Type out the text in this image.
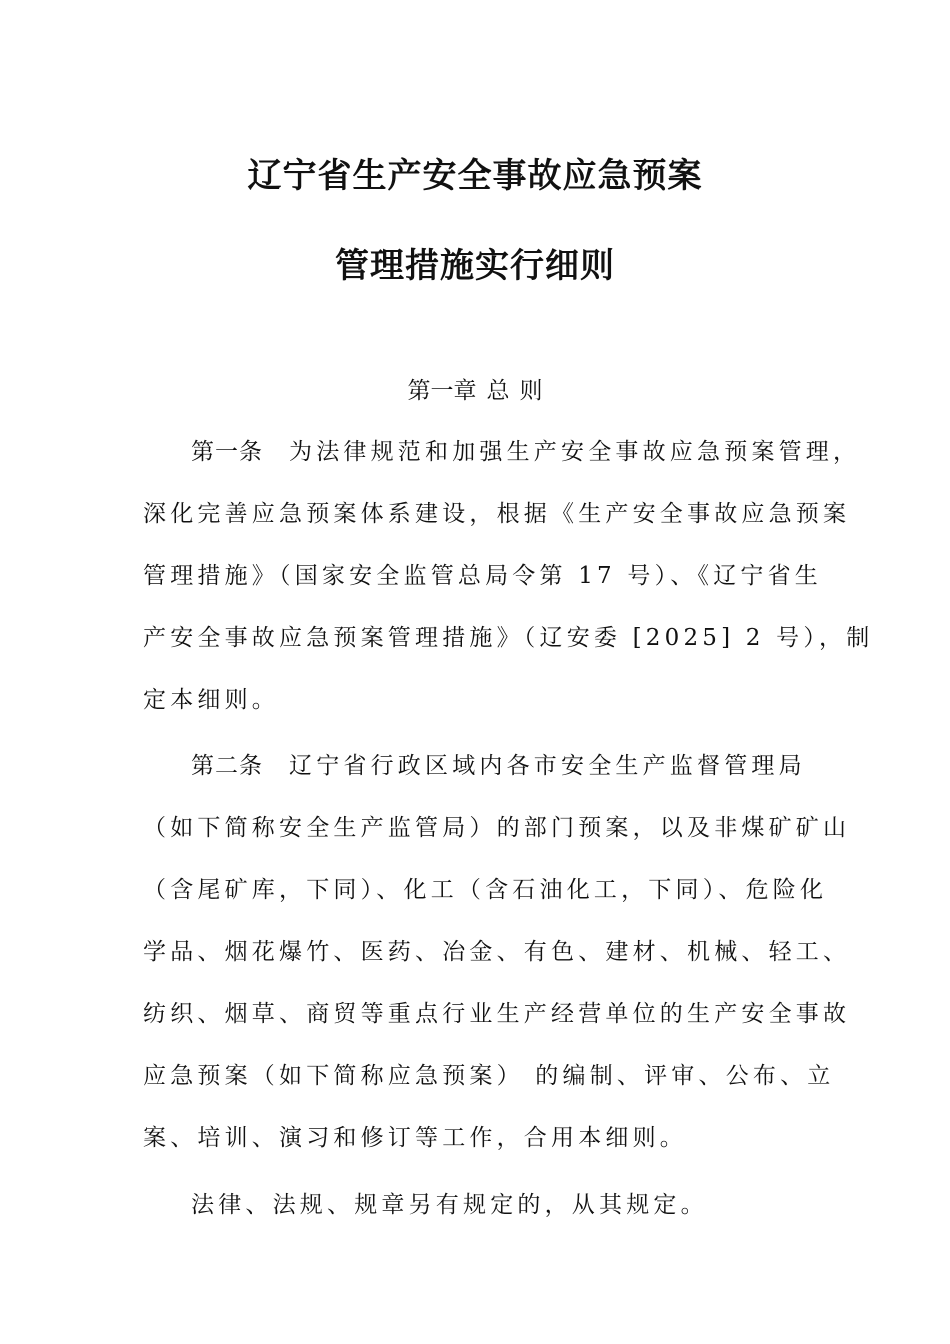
辽宁省生产安全事故应急预案
管理措施实行细则
第一章 总 则
第一条 为法律规范和加强生产安全事故应急预案管理，
深化完善应急预案体系建设，根据《生产安全事故应急预案
管理措施》（国家安全监管总局令第 17 号）、《辽宁省生
产安全事故应急预案管理措施》（辽安委 [2025] 2 号），制
定本细则。
第二条 辽宁省行政区域内各市安全生产监督管理局
（如下简称安全生产监管局）的部门预案，以及非煤矿矿山
（含尾矿库，下同）、化工（含石油化工，下同）、危险化
学品、烟花爆竹、医药、冶金、有色、建材、机械、轻工、
纺织、烟草、商贸等重点行业生产经营单位的生产安全事故
应急预案（如下简称应急预案） 的编制、评审、公布、立
案、培训、演习和修订等工作，合用本细则。
法律、法规、规章另有规定的，从其规定。
